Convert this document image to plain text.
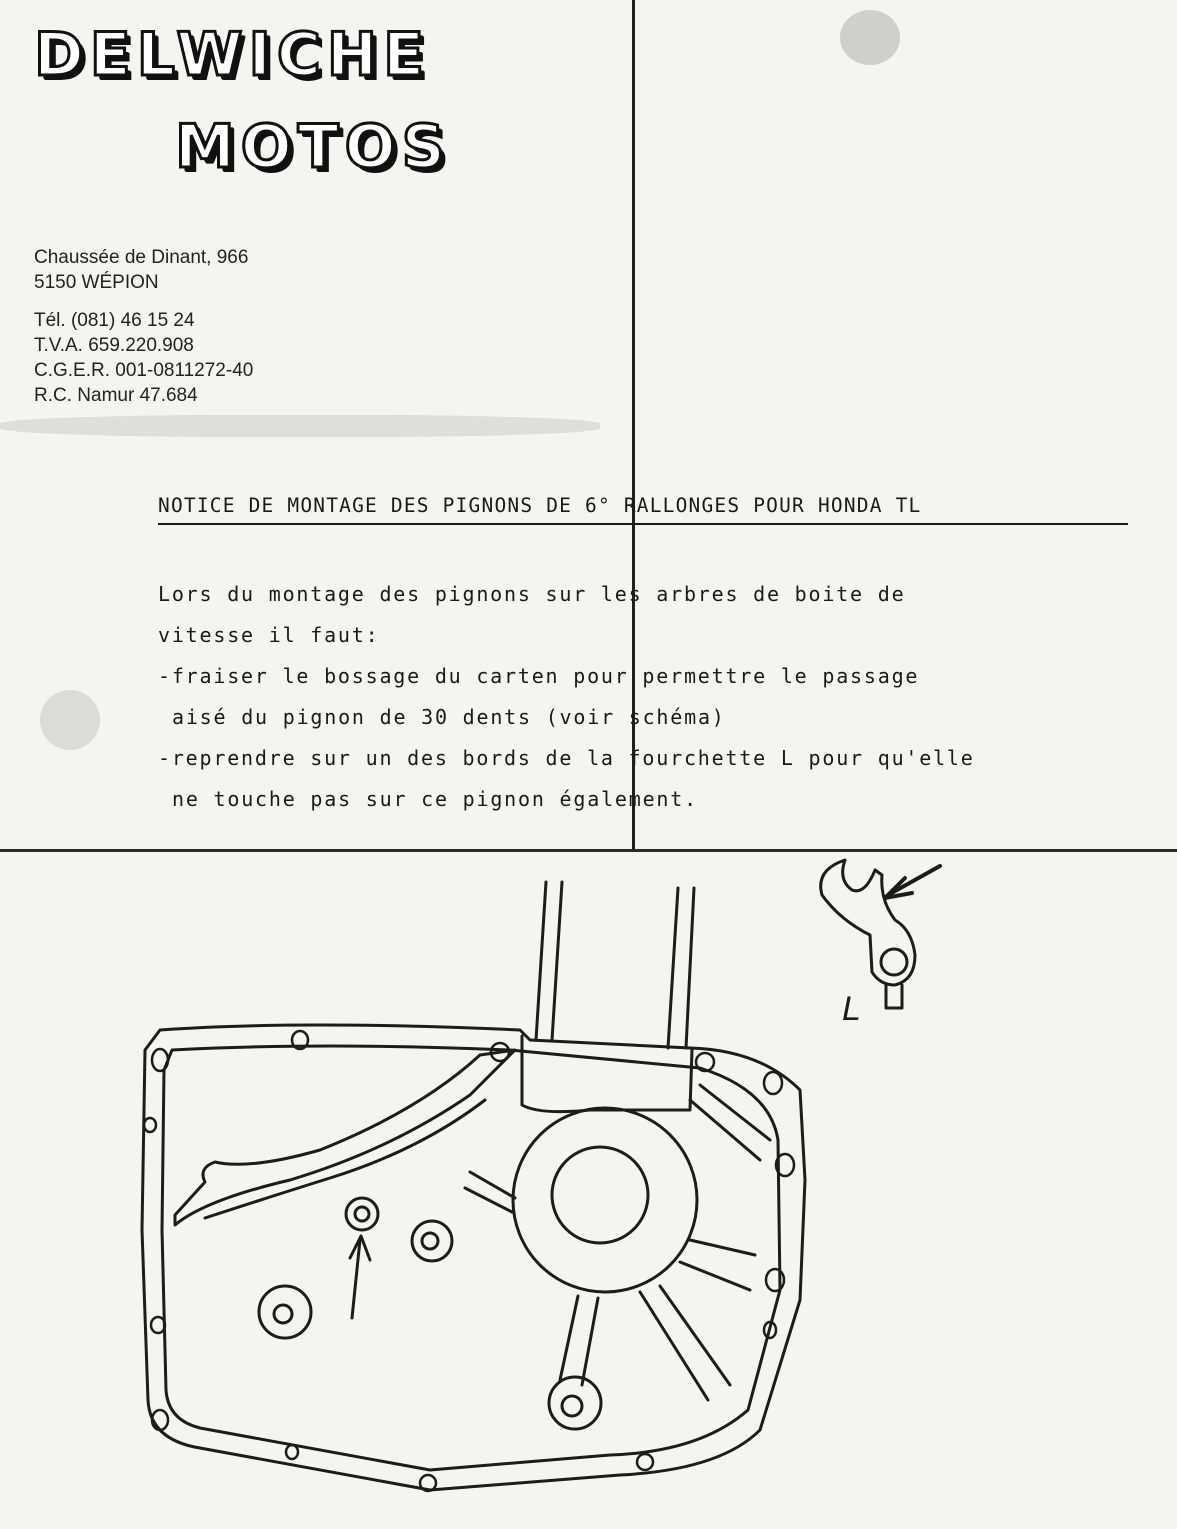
DELWICHE
MOTOS
Chaussée de Dinant, 966
5150 WÉPION
Tél. (081) 46 15 24
T.V.A. 659.220.908
C.G.E.R. 001-0811272-40
R.C. Namur 47.684
NOTICE DE MONTAGE DES PIGNONS DE 6° RALLONGES POUR HONDA TL
Lors du montage des pignons sur les arbres de boite de
vitesse il faut:
-fraiser le bossage du carten pour permettre le passage
aisé du pignon de 30 dents (voir schéma)
-reprendre sur un des bords de la fourchette L pour qu'elle
ne touche pas sur ce pignon également.
L
